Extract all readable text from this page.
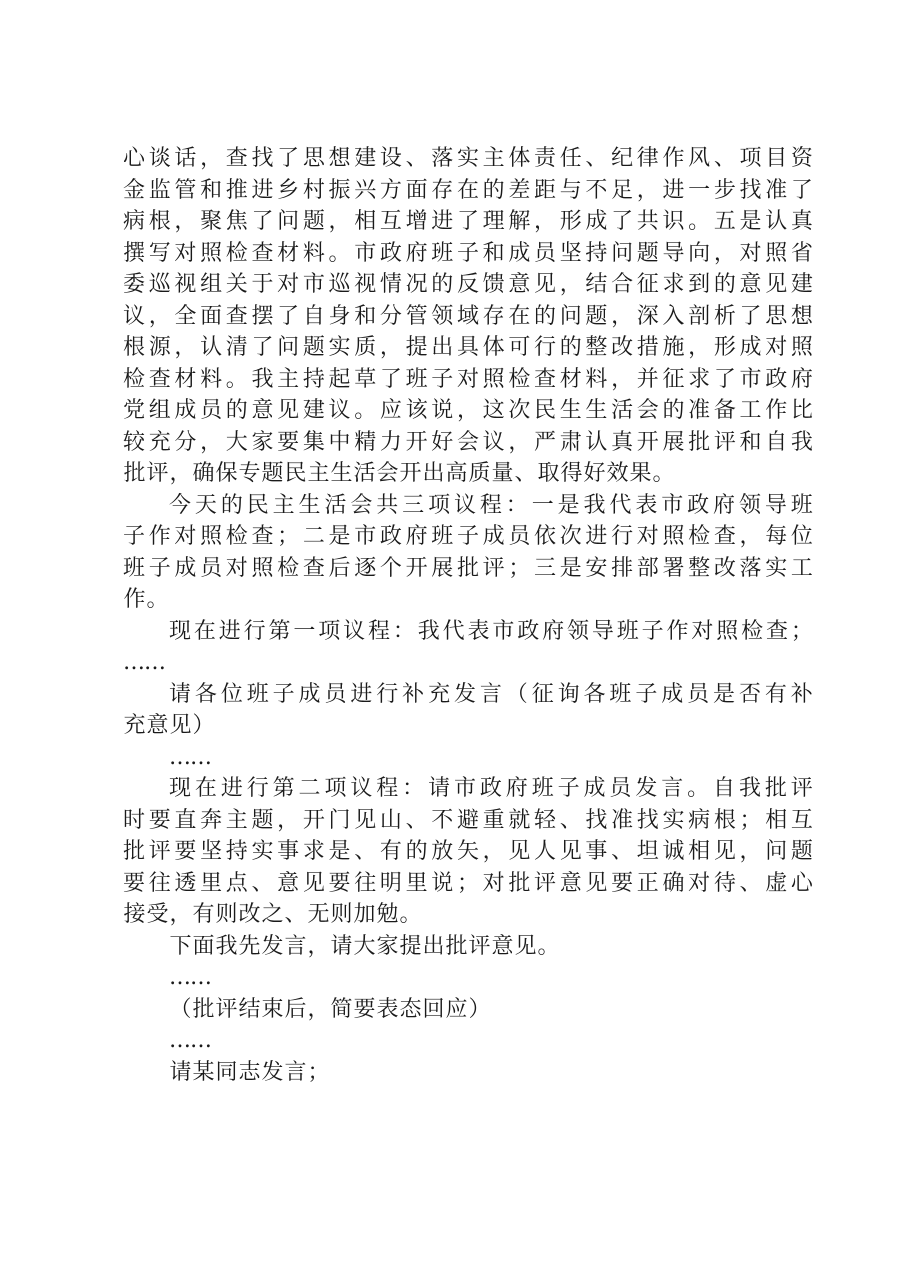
心 谈 话 ， 查 找 了 思 想 建 设 、 落 实 主 体 责 任 、 纪 律 作 风 、 项 目 资
金 监 管 和 推 进 乡 村 振 兴 方 面 存 在 的 差 距 与 不 足 ， 进 一 步 找 准 了
病 根 ， 聚 焦 了 问 题 ， 相 互 增 进 了 理 解 ， 形 成 了 共 识 。 五 是 认 真
撰 写 对 照 检 查 材 料 。 市 政 府 班 子 和 成 员 坚 持 问 题 导 向 ， 对 照 省
委 巡 视 组 关 于 对 市 巡 视 情 况 的 反 馈 意 见 ， 结 合 征 求 到 的 意 见 建
议 ， 全 面 查 摆 了 自 身 和 分 管 领 域 存 在 的 问 题 ， 深 入 剖 析 了 思 想
根 源 ， 认 清 了 问 题 实 质 ， 提 出 具 体 可 行 的 整 改 措 施 ， 形 成 对 照
检 查 材 料 。 我 主 持 起 草 了 班 子 对 照 检 查 材 料 ， 并 征 求 了 市 政 府
党 组 成 员 的 意 见 建 议 。 应 该 说 ， 这 次 民 生 生 活 会 的 准 备 工 作 比
较 充 分 ， 大 家 要 集 中 精 力 开 好 会 议 ， 严 肃 认 真 开 展 批 评 和 自 我
批 评 ， 确 保 专 题 民 主 生 活 会 开 出 高 质 量 、 取 得 好 效 果 。
今 天 的 民 主 生 活 会 共 三 项 议 程 ： 一 是 我 代 表 市 政 府 领 导 班
子 作 对 照 检 查 ； 二 是 市 政 府 班 子 成 员 依 次 进 行 对 照 检 查 ， 每 位
班 子 成 员 对 照 检 查 后 逐 个 开 展 批 评 ； 三 是 安 排 部 署 整 改 落 实 工
作 。
现 在 进 行 第 一 项 议 程 ： 我 代 表 市 政 府 领 导 班 子 作 对 照 检 查 ；
……
请 各 位 班 子 成 员 进 行 补 充 发 言 （ 征 询 各 班 子 成 员 是 否 有 补
充 意 见 ）
……
现 在 进 行 第 二 项 议 程 ： 请 市 政 府 班 子 成 员 发 言 。 自 我 批 评
时 要 直 奔 主 题 ， 开 门 见 山 、 不 避 重 就 轻 、 找 准 找 实 病 根 ； 相 互
批 评 要 坚 持 实 事 求 是 、 有 的 放 矢 ， 见 人 见 事 、 坦 诚 相 见 ， 问 题
要 往 透 里 点 、 意 见 要 往 明 里 说 ； 对 批 评 意 见 要 正 确 对 待 、 虚 心
接 受 ， 有 则 改 之 、 无 则 加 勉 。
下 面 我 先 发 言 ， 请 大 家 提 出 批 评 意 见 。
……
（ 批 评 结 束 后 ， 简 要 表 态 回 应 ）
……
请 某 同 志 发 言 ；
